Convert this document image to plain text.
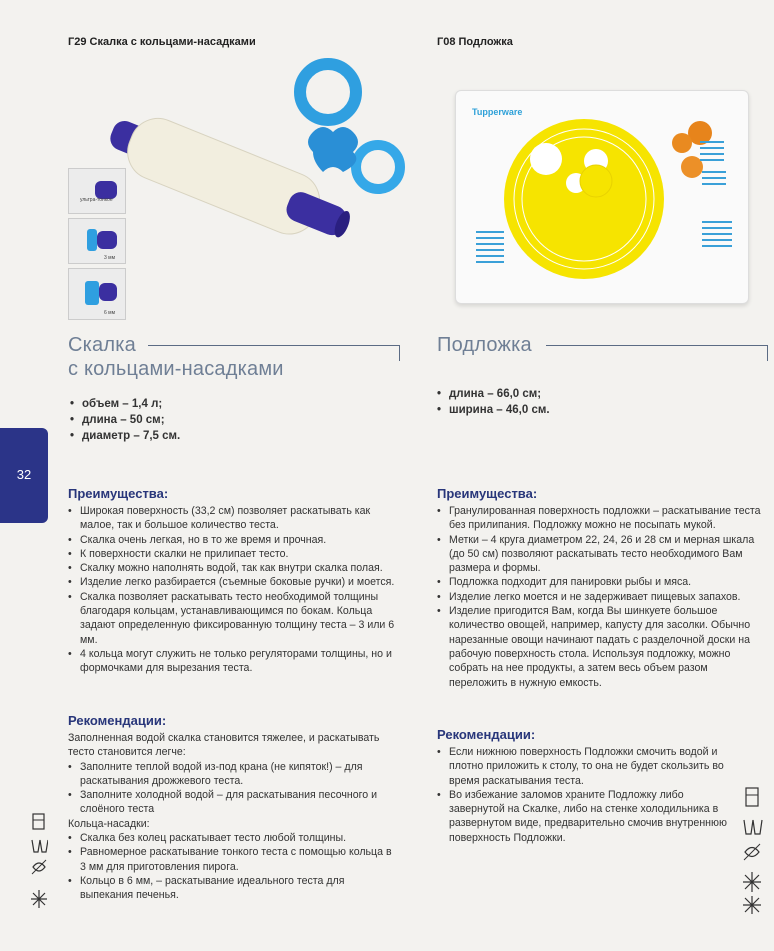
Г29 Скалка с кольцами-насадками
ультра-тонкое
3 мм
6 мм
Скалка
с кольцами-насадками
• объем – 1,4 л;
• длина – 50 см;
• диаметр – 7,5 см.
32
Преимущества:
• Широкая поверхность (33,2 см) позволяет раскатывать как малое, так и большое количество теста.
• Скалка очень легкая, но в то же время и прочная.
• К поверхности скалки не прилипает тесто.
• Скалку можно наполнять водой, так как внутри скалка полая.
• Изделие легко разбирается (съемные боковые ручки) и моется.
• Скалка позволяет раскатывать тесто необходимой толщины благодаря кольцам, устанавливающимся по бокам. Кольца задают определенную фиксированную толщину теста – 3 или 6 мм.
• 4 кольца могут служить не только регуляторами толщины, но и формочками для вырезания теста.
Рекомендации:
Заполненная водой скалка становится тяжелее, и раскатывать тесто становится легче:
• Заполните теплой водой из-под крана (не кипяток!) – для раскатывания дрожжевого теста.
• Заполните холодной водой – для раскатывания песочного и слоёного теста
Кольца-насадки:
• Скалка без колец раскатывает тесто любой толщины.
• Равномерное раскатывание тонкого теста с помощью кольца в 3 мм для приготовления пирога.
• Кольцо в 6 мм, – раскатывание идеального теста для выпекания печенья.
Г08 Подложка
Tupperware
Подложка
• длина – 66,0 см;
• ширина – 46,0 см.
Преимущества:
• Гранулированная поверхность подложки – раскатывание теста без прилипания. Подложку можно не посыпать мукой.
• Метки – 4 круга диаметром 22, 24, 26 и 28 см и мерная шкала (до 50 см) позволяют раскатывать тесто необходимого Вам размера и формы.
• Подложка подходит для панировки рыбы и мяса.
• Изделие легко моется и не задерживает пищевых запахов.
• Изделие пригодится Вам, когда Вы шинкуете большое количество овощей, например, капусту для засолки. Обычно нарезанные овощи начинают падать с разделочной доски на рабочую поверхность стола. Используя подложку, можно собрать на нее продукты, а затем весь объем разом переложить в нужную емкость.
Рекомендации:
• Если нижнюю поверхность Подложки смочить водой и плотно приложить к столу, то она не будет скользить во время раскатывания теста.
• Во избежание заломов храните Подложку либо завернутой на Скалке, либо на стенке холодильника в развернутом виде, предварительно смочив внутреннюю поверхность Подложки.
